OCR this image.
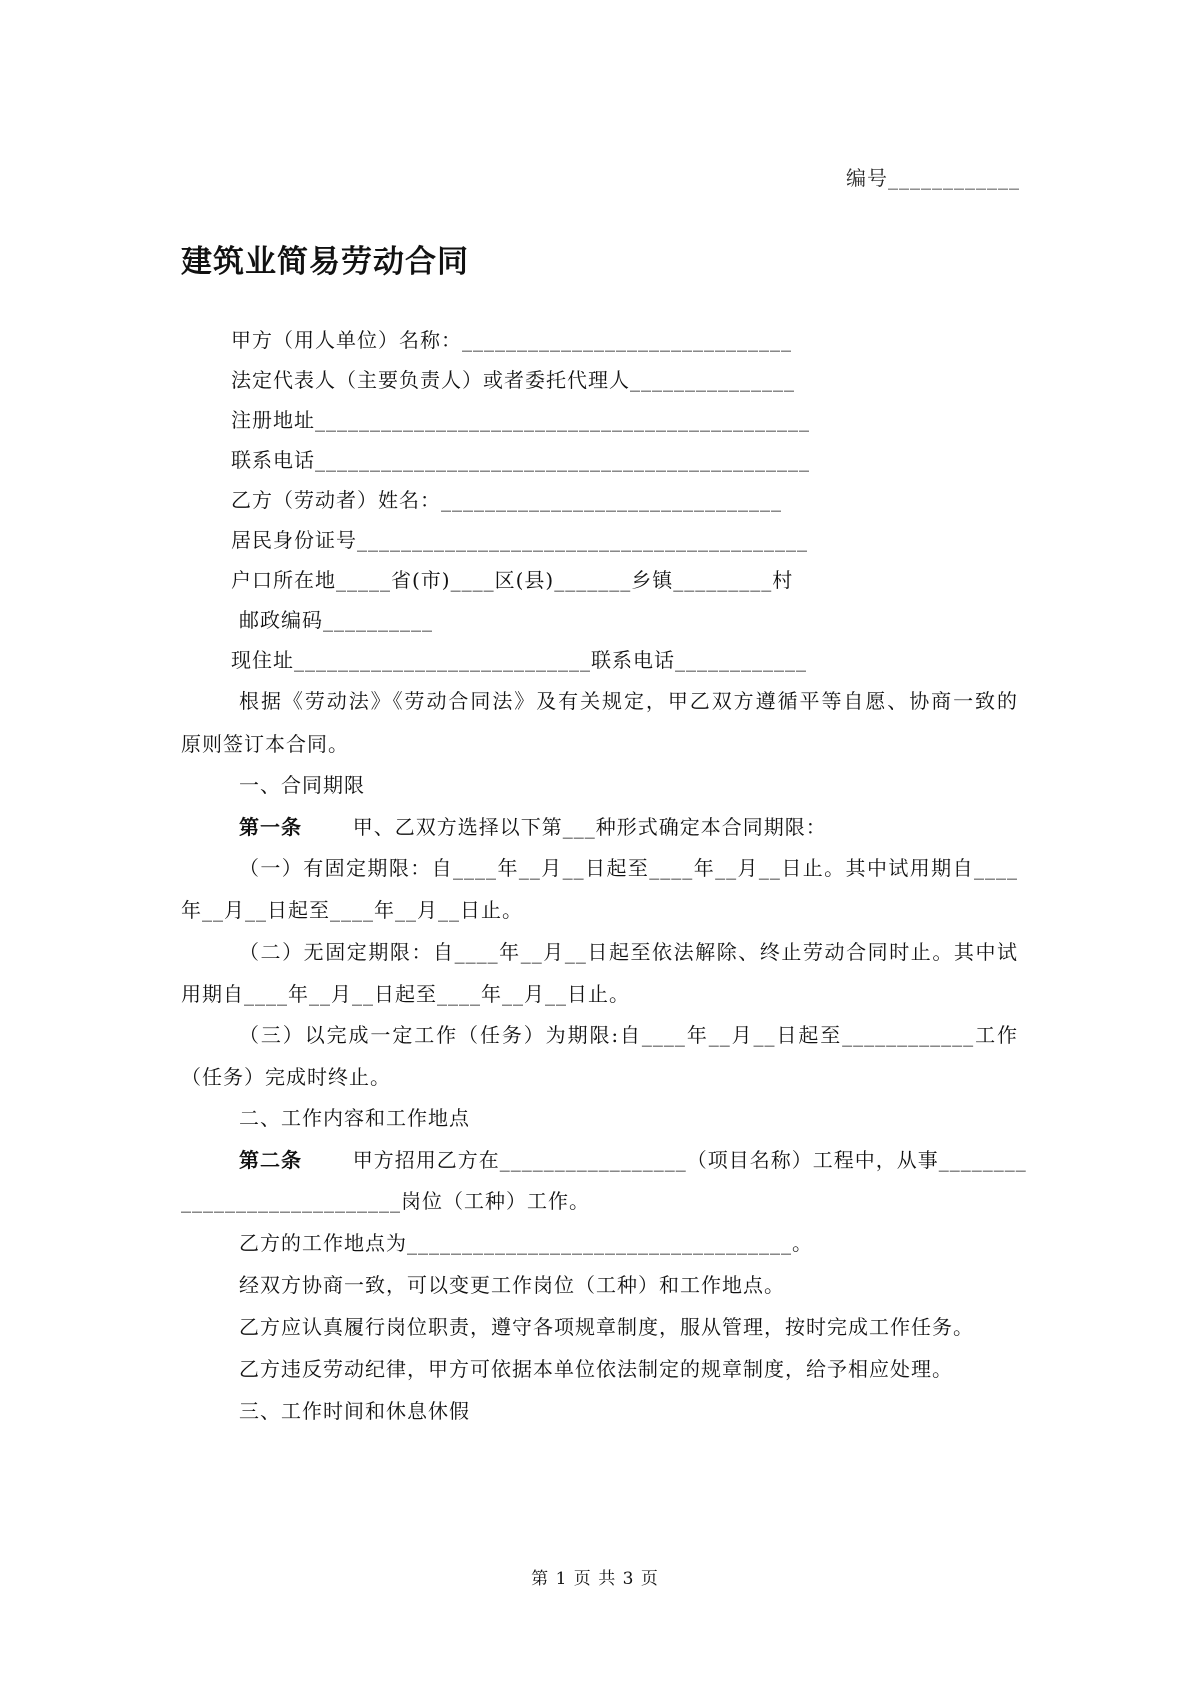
编号____________
建筑业简易劳动合同
甲方（用人单位）名称：______________________________
法定代表人（主要负责人）或者委托代理人_______________
注册地址_____________________________________________
联系电话_____________________________________________
乙方（劳动者）姓名：_______________________________
居民身份证号_________________________________________
户口所在地_____省(市)____区(县)_______乡镇_________村
邮政编码__________
现住址___________________________联系电话____________
根据《劳动法》《劳动合同法》及有关规定，甲乙双方遵循平等自愿、协商一致的
原则签订本合同。
一、合同期限
第一条	甲、乙双方选择以下第___种形式确定本合同期限：
（一）有固定期限：自____年__月__日起至____年__月__日止。其中试用期自____
年__月__日起至____年__月__日止。
（二）无固定期限：自____年__月__日起至依法解除、终止劳动合同时止。其中试
用期自____年__月__日起至____年__月__日止。
（三）以完成一定工作（任务）为期限:自____年__月__日起至____________工作
（任务）完成时终止。
二、工作内容和工作地点
第二条	甲方招用乙方在_________________（项目名称）工程中，从事________
____________________岗位（工种）工作。
乙方的工作地点为___________________________________。
经双方协商一致，可以变更工作岗位（工种）和工作地点。
乙方应认真履行岗位职责，遵守各项规章制度，服从管理，按时完成工作任务。
乙方违反劳动纪律，甲方可依据本单位依法制定的规章制度，给予相应处理。
三、工作时间和休息休假
第 1 页 共 3 页
